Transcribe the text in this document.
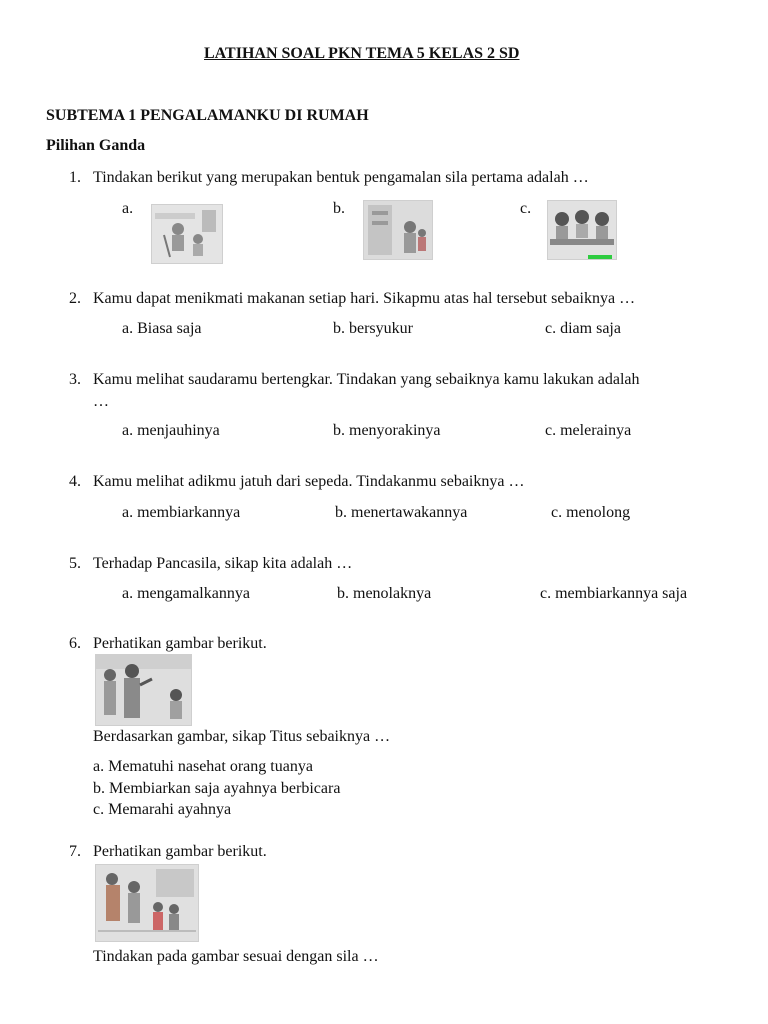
LATIHAN SOAL PKN TEMA 5 KELAS 2 SD
SUBTEMA 1 PENGALAMANKU DI RUMAH
Pilihan Ganda
1. Tindakan berikut yang merupakan bentuk pengamalan sila pertama adalah …
a.	b.	c.
2. Kamu dapat menikmati makanan setiap hari. Sikapmu atas hal tersebut sebaiknya …
a. Biasa saja	b. bersyukur	c. diam saja
3. Kamu melihat saudaramu bertengkar. Tindakan yang sebaiknya kamu lakukan adalah
…
a. menjauhinya	b. menyorakinya	c. melerainya
4. Kamu melihat adikmu jatuh dari sepeda. Tindakanmu sebaiknya …
a. membiarkannya	b. menertawakannya	c. menolong
5. Terhadap Pancasila, sikap kita adalah …
a. mengamalkannya	b. menolaknya	c. membiarkannya saja
6. Perhatikan gambar berikut.
Berdasarkan gambar, sikap Titus sebaiknya …
a. Mematuhi nasehat orang tuanya
b. Membiarkan saja ayahnya berbicara
c. Memarahi ayahnya
7. Perhatikan gambar berikut.
Tindakan pada gambar sesuai dengan sila …
